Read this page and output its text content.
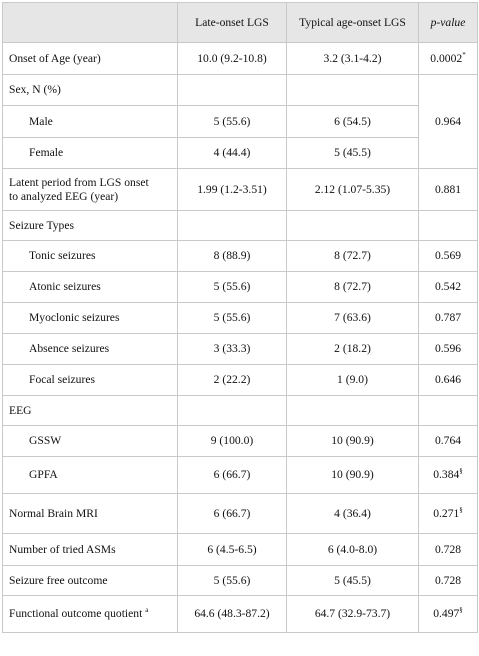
	Late-onset LGS	Typical age-onset LGS	p-value
Onset of Age (year)	10.0 (9.2-10.8)	3.2 (3.1-4.2)	0.0002*
Sex, N (%)			0.964
Male	5 (55.6)	6 (54.5)	
Female	4 (44.4)	5 (45.5)	
Latent period from LGS onset
to analyzed EEG (year)	1.99 (1.2-3.51)	2.12 (1.07-5.35)	0.881
Seizure Types			
Tonic seizures	8 (88.9)	8 (72.7)	0.569
Atonic seizures	5 (55.6)	8 (72.7)	0.542
Myoclonic seizures	5 (55.6)	7 (63.6)	0.787
Absence seizures	3 (33.3)	2 (18.2)	0.596
Focal seizures	2 (22.2)	1 (9.0)	0.646
EEG			
GSSW	9 (100.0)	10 (90.9)	0.764
GPFA	6 (66.7)	10 (90.9)	0.384§
Normal Brain MRI	6 (66.7)	4 (36.4)	0.271§
Number of tried ASMs	6 (4.5-6.5)	6 (4.0-8.0)	0.728
Seizure free outcome	5 (55.6)	5 (45.5)	0.728
Functional outcome quotient $^a$	64.6 (48.3-87.2)	64.7 (32.9-73.7)	0.497§
